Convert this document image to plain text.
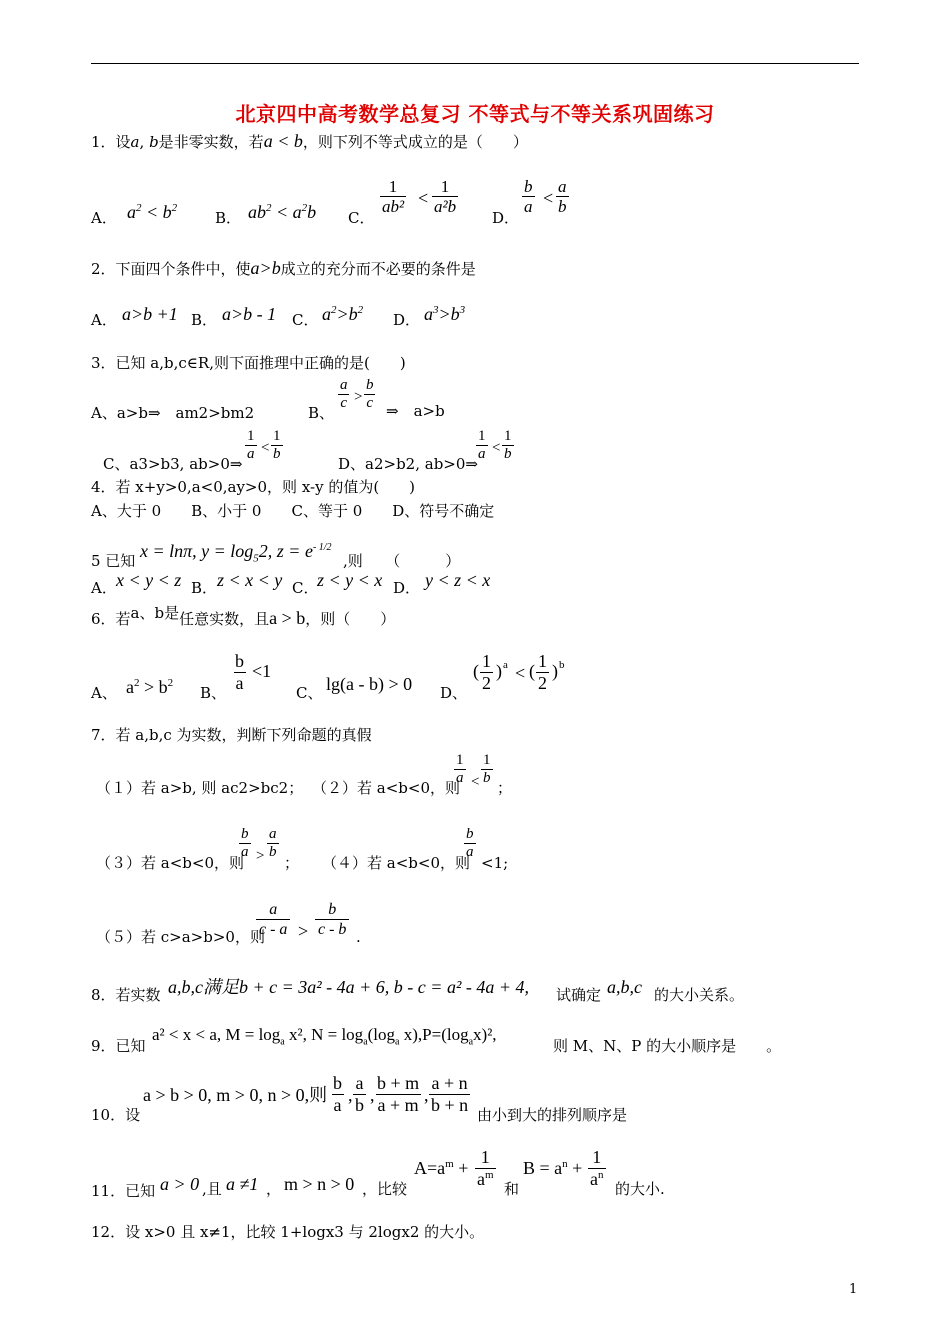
北京四中高考数学总复习 不等式与不等关系巩固练习
1．设a, b是非零实数，若a < b，则下列不等式成立的是（　　）
A． $a^2 < b^2$
B． $ab^2 < a^2b$ C．
1
ab² <
1
a²b
D．
b
a <
a
b
2．下面四个条件中，使a>b成立的充分而不必要的条件是
A． a>b +1 B． a>b - 1 C． $a^2>b^2$
D． $a^3>b^3$
3．已知 a,b,c∈R,则下面推理中正确的是(　　)
A、a>b⇒　am2>bm2	B、
a
c >
b
c ⇒　a>b
C、a3>b3, ab>0⇒
1
a <
1
b
D、a2>b2, ab>0⇒
1
a <
1
b
4．若 x+y>0,a<0,ay>0，则 x-y 的值为(　　)
A、大于 0　　B、小于 0　　C、等于 0　　D、符号不确定
5 已知 x = lnπ, $y = \log_52$, $z = e^{- 1/2}$
,则　　（　　　）
A． x < y < z B． z < x < y C．
z < y < x D． y < z < x
6．若a、b是任意实数，且a > b，则（　　）
A、 $a^2 > b^2$
B、
b
a
<1
C、 lg(a - b) > 0 D、
( 1
2
) a < ( 1
2
) b
7．若 a,b,c 为实数，判断下列命题的真假
（１）若 a>b, 则 ac2>bc2； （２）若 a<b<0，则
1
a <
1
b
；
（３）若 a<b<0，则
b
a >
a
b
； （４）若 a<b<0，则
b
a
<1;
（５）若 c>a>b>0，则
a
c - a >
b
c - b .
8．若实数 a,b,c满足b + c = 3a² - 4a + 6, b - c = a² - 4a + 4, 试确定 a,b,c 的大小关系。
9．已知
a² < x < a, $M = \log_a x^2$, $N = \log_a(\log_a$ $x),P=(\log_ax)^2$,
则 M、N、P 的大小顺序是　　。
10．设
a > b > 0, m > 0, n > 0,则
b
a ,
a
b ,
b + m
a + m ,
a + n
b + n 由小到大的排列顺序是
11．已知 a > 0 ,且 a ≠1 ， m > n > 0 ，比较
$A=a^m$ +
1
$a^m$
和
$B = a^n$ +
1
$a^n$
的大小.
12．设 x>0 且 x≠1，比较 1+logx3 与 2logx2 的大小。
1
